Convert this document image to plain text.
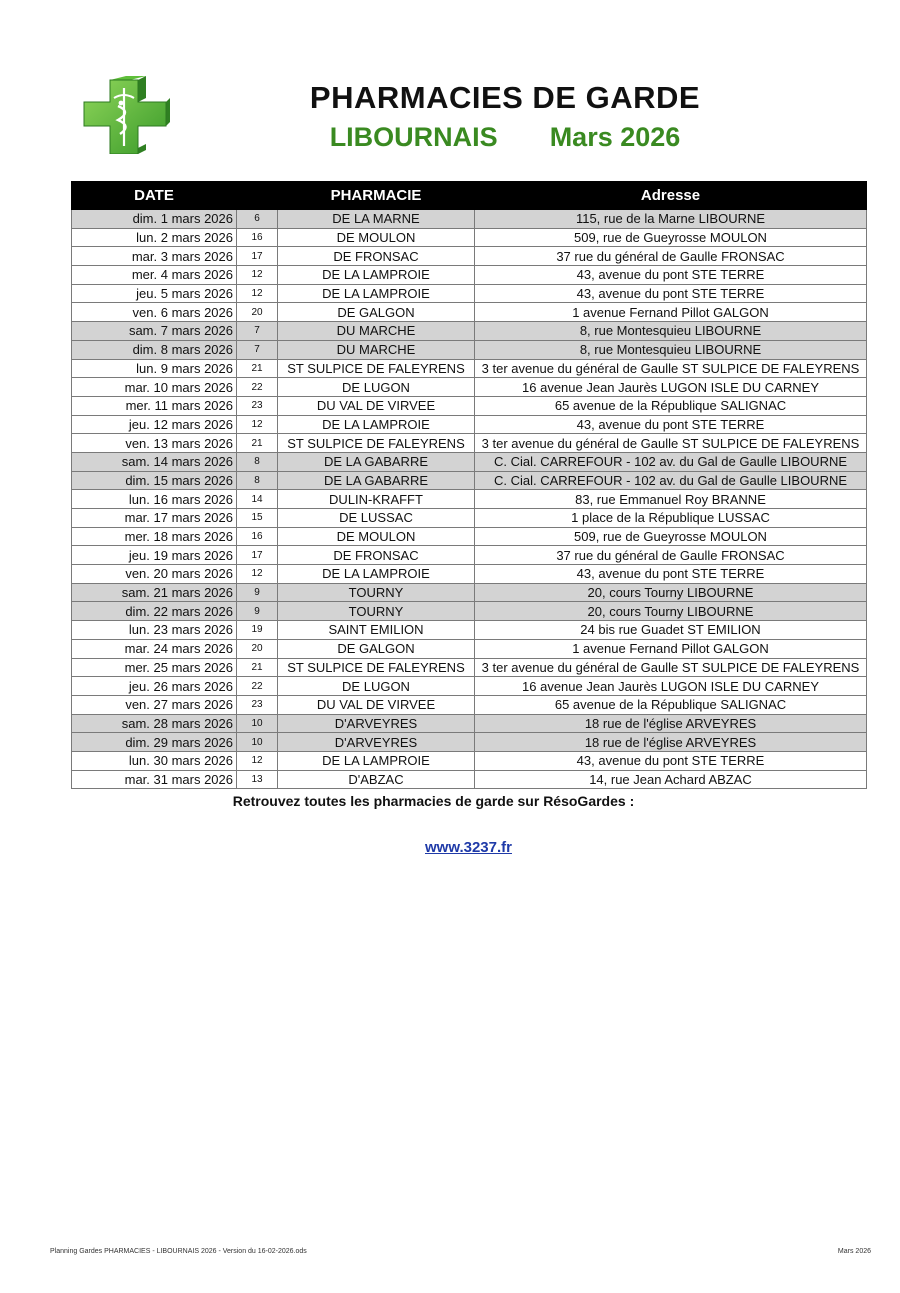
PHARMACIES DE GARDE
LIBOURNAIS Mars 2026
DATE		PHARMACIE	Adresse
dim. 1 mars 2026	6	DE LA MARNE	115, rue de la Marne LIBOURNE
lun. 2 mars 2026	16	DE MOULON	509, rue de Gueyrosse MOULON
mar. 3 mars 2026	17	DE FRONSAC	37 rue du général de Gaulle FRONSAC
mer. 4 mars 2026	12	DE LA LAMPROIE	43, avenue du pont STE TERRE
jeu. 5 mars 2026	12	DE LA LAMPROIE	43, avenue du pont STE TERRE
ven. 6 mars 2026	20	DE GALGON	1 avenue Fernand Pillot GALGON
sam. 7 mars 2026	7	DU MARCHE	8, rue Montesquieu LIBOURNE
dim. 8 mars 2026	7	DU MARCHE	8, rue Montesquieu LIBOURNE
lun. 9 mars 2026	21	ST SULPICE DE FALEYRENS	3 ter avenue du général de Gaulle ST SULPICE DE FALEYRENS
mar. 10 mars 2026	22	DE LUGON	16 avenue Jean Jaurès LUGON ISLE DU CARNEY
mer. 11 mars 2026	23	DU VAL DE VIRVEE	65 avenue de la République SALIGNAC
jeu. 12 mars 2026	12	DE LA LAMPROIE	43, avenue du pont STE TERRE
ven. 13 mars 2026	21	ST SULPICE DE FALEYRENS	3 ter avenue du général de Gaulle ST SULPICE DE FALEYRENS
sam. 14 mars 2026	8	DE LA GABARRE	C. Cial. CARREFOUR - 102 av. du Gal de Gaulle LIBOURNE
dim. 15 mars 2026	8	DE LA GABARRE	C. Cial. CARREFOUR - 102 av. du Gal de Gaulle LIBOURNE
lun. 16 mars 2026	14	DULIN-KRAFFT	83, rue Emmanuel Roy BRANNE
mar. 17 mars 2026	15	DE LUSSAC	1 place de la République LUSSAC
mer. 18 mars 2026	16	DE MOULON	509, rue de Gueyrosse MOULON
jeu. 19 mars 2026	17	DE FRONSAC	37 rue du général de Gaulle FRONSAC
ven. 20 mars 2026	12	DE LA LAMPROIE	43, avenue du pont STE TERRE
sam. 21 mars 2026	9	TOURNY	20, cours Tourny LIBOURNE
dim. 22 mars 2026	9	TOURNY	20, cours Tourny LIBOURNE
lun. 23 mars 2026	19	SAINT EMILION	24 bis rue Guadet ST EMILION
mar. 24 mars 2026	20	DE GALGON	1 avenue Fernand Pillot GALGON
mer. 25 mars 2026	21	ST SULPICE DE FALEYRENS	3 ter avenue du général de Gaulle ST SULPICE DE FALEYRENS
jeu. 26 mars 2026	22	DE LUGON	16 avenue Jean Jaurès LUGON ISLE DU CARNEY
ven. 27 mars 2026	23	DU VAL DE VIRVEE	65 avenue de la République SALIGNAC
sam. 28 mars 2026	10	D'ARVEYRES	18 rue de l'église ARVEYRES
dim. 29 mars 2026	10	D'ARVEYRES	18 rue de l'église ARVEYRES
lun. 30 mars 2026	12	DE LA LAMPROIE	43, avenue du pont STE TERRE
mar. 31 mars 2026	13	D'ABZAC	14, rue Jean Achard ABZAC
Retrouvez toutes les pharmacies de garde sur RésoGardes :
www.3237.fr
Planning Gardes PHARMACIES - LIBOURNAIS 2026 - Version du 16-02-2026.ods	Mars 2026
